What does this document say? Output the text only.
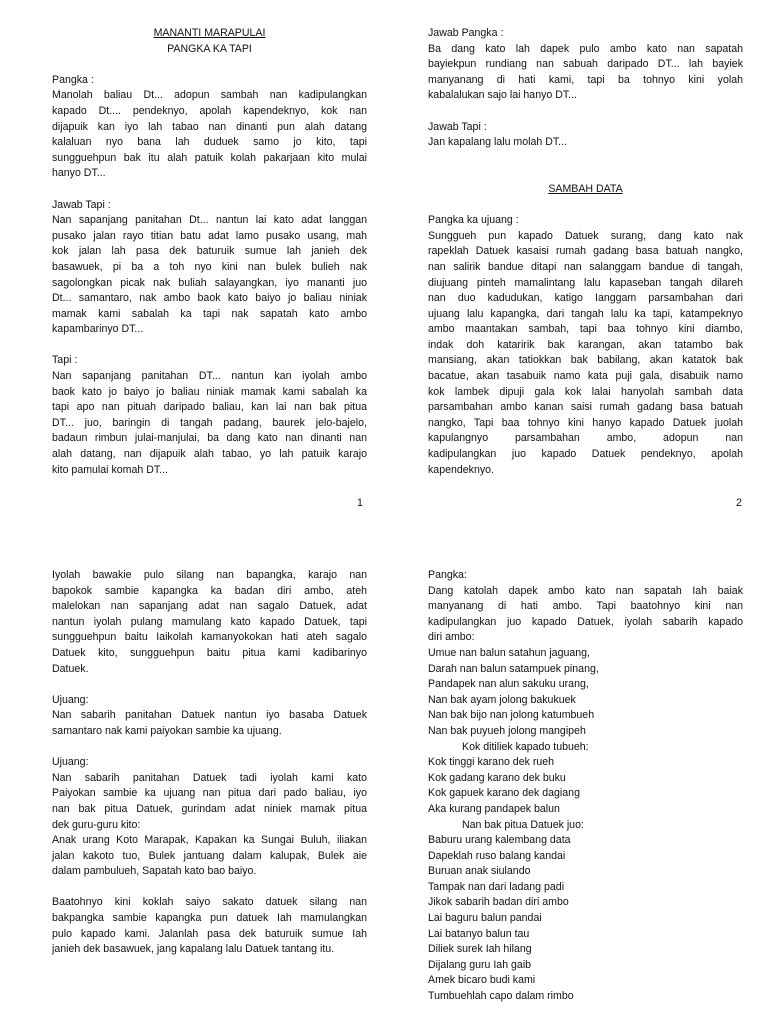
MANANTI MARAPULAI
PANGKA KA TAPI

Pangka :
Manolah baliau Dt... adopun sambah nan kadipulangkan
kapado Dt.... pendeknyo, apolah kapendeknyo, kok nan
dijapuik kan iyo lah tabao nan dinanti pun alah datang
kalaluan nyo bana lah duduek samo jo kito, tapi
sungguehpun bak itu alah patuik kolah pakarjaan kito mulai
hanyo DT...

Jawab Tapi :
Nan sapanjang panitahan Dt... nantun lai kato adat langgan
pusako jalan rayo titian batu adat lamo pusako usang, mah
kok jalan lah pasa dek baturuik sumue lah janieh dek
basawuek, pi ba a toh nyo kini nan bulek bulieh nak
sagolongkan picak nak buliah salayangkan, iyo mananti juo
Dt... samantaro, nak ambo baok kato baiyo jo baliau niniak
mamak kami sabalah ka tapi nak sapatah kato ambo
kapambarinyo DT...

Tapi :
Nan sapanjang panitahan DT... nantun kan iyolah ambo
baok kato jo baiyo jo baliau niniak mamak kami sabalah ka
tapi apo nan pituah daripado baliau, kan lai nan bak pitua
DT... juo, baringin di tangah padang, baurek jelo-bajelo,
badaun rimbun julai-manjulai, ba dang kato nan dinanti nan
alah datang, nan dijapuik alah tabao, yo lah patuik karajo
kito pamulai komah DT...
1
Jawab Pangka :
Ba dang kato lah dapek pulo ambo kato nan sapatah
bayiekpun rundiang nan sabuah daripado DT... lah bayiek
manyanang di hati kami, tapi ba tohnyo kini yolah
kabalalukan sajo lai hanyo DT...

Jawab Tapi :
Jan kapalang lalu molah DT...

SAMBAH DATA

Pangka ka ujuang :
Sunggueh pun kapado Datuek surang, dang kato nak
rapeklah Datuek kasaisi rumah gadang basa batuah nangko,
nan salirik bandue ditapi nan salanggam bandue di tangah,
diujuang pinteh mamalintang lalu kapaseban tangah dilareh
nan duo kadudukan, katigo Ianggam parsambahan dari
ujuang lalu kapangka, dari tangah lalu ka tapi, katampeknyo
ambo maantakan sambah, tapi baa tohnyo kini diambo,
indak doh kataririk bak karangan, akan tatambo bak
mansiang, akan tatiokkan bak babilang, akan katatok bak
bacatue, akan tasabuik namo kata puji gala, disabuik namo
kok lambek dipuji gala kok lalai hanyolah sambah data
parsambahan ambo kanan saisi rumah gadang basa batuah
nangko, Tapi baa tohnyo kini hanyo kapado Datuek juolah
kapulangnyo parsambahan ambo, adopun nan
kadipulangkan juo kapado Datuek pendeknyo, apolah
kapendeknyo.
2
Iyolah bawakie pulo silang nan bapangka, karajo nan
bapokok sambie kapangka ka badan diri ambo, ateh
malelokan nan sapanjang adat nan sagalo Datuek, adat
nantun iyolah pulang mamulang kato kapado Datuek, tapi
sungguehpun baitu Iaikolah kamanyokokan hati ateh sagalo
Datuek kito, sungguehpun baitu pitua kami kadibarinyo
Datuek.

Ujuang:
Nan sabarih panitahan Datuek nantun iyo basaba Datuek
samantaro nak kami paiyokan sambie ka ujuang.

Ujuang:
Nan sabarih panitahan Datuek tadi iyolah kami kato
Paiyokan sambie ka ujuang nan pitua dari pado baliau, iyo
nan bak pitua Datuek, gurindam adat niniek mamak pitua
dek guru-guru kito:
Anak urang Koto Marapak, Kapakan ka Sungai Buluh, iliakan
jalan kakoto tuo, Bulek jantuang dalam kalupak, Bulek aie
dalam pambulueh, Sapatah kato bao baiyo.

Baatohnyo kini koklah saiyo sakato datuek silang nan
bakpangka sambie kapangka pun datuek Iah mamulangkan
pulo kapado kami. Jalanlah pasa dek baturuik sumue Iah
janieh dek basawuek, jang kapalang lalu Datuek tantang itu.
Pangka:
Dang katolah dapek ambo kato nan sapatah Iah baiak
manyanang di hati ambo. Tapi baatohnyo kini nan
kadipulangkan juo kapado Datuek, iyolah sabarih kapado
diri ambo:
Umue nan balun satahun jaguang,
Darah nan balun satampuek pinang,
Pandapek nan alun sakuku urang,
Nan bak ayam jolong bakukuek
Nan bak bijo nan jolong katumbueh
Nan bak puyueh jolong mangipeh
Kok ditiliek kapado tubueh:
Kok tinggi karano dek rueh
Kok gadang karano dek buku
Kok gapuek karano dek dagiang
Aka kurang pandapek balun
Nan bak pitua Datuek juo:
Baburu urang kalembang data
Dapeklah ruso balang kandai
Buruan anak siulando
Tampak nan dari ladang padi
Jikok sabarih badan diri ambo
Lai baguru balun pandai
Lai batanyo balun tau
Diliek surek Iah hilang
Dijalang guru Iah gaib
Amek bicaro budi kami
Tumbuehlah capo dalam rimbo
